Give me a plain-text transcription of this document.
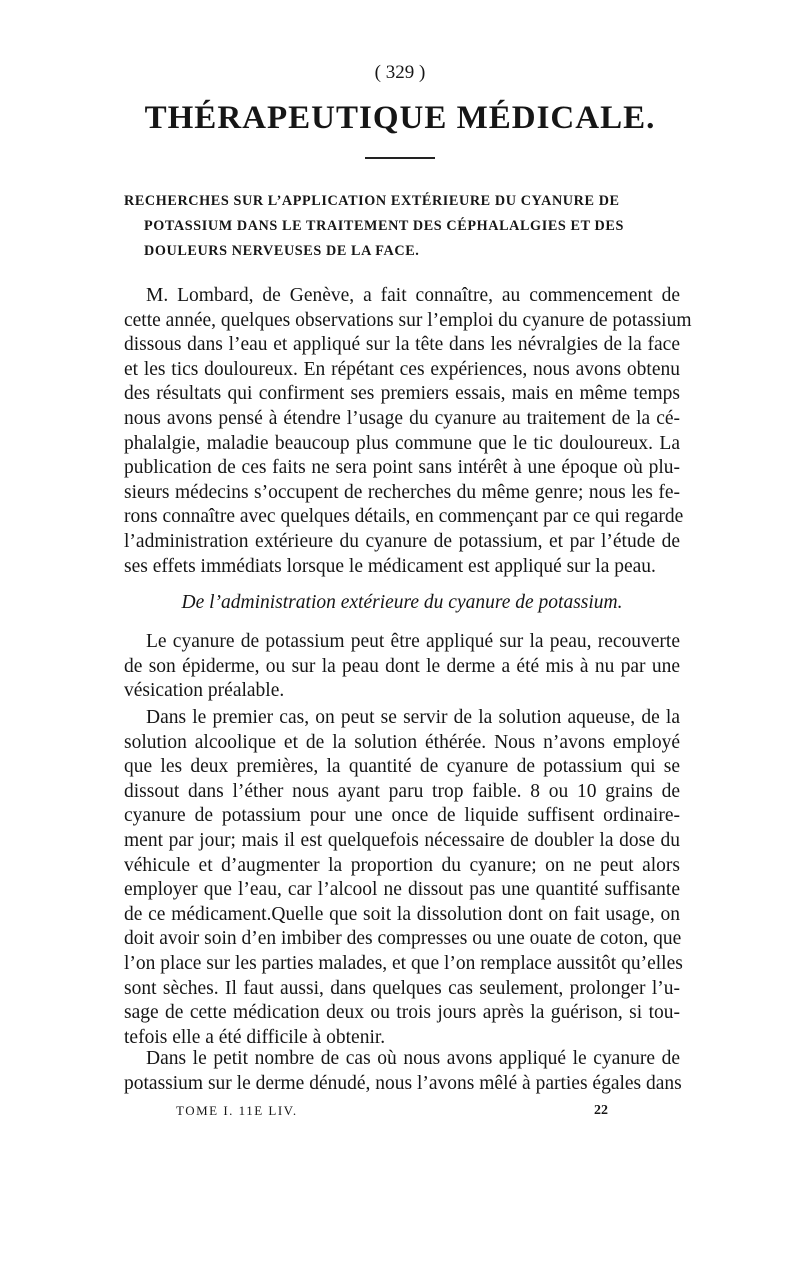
( 329 )
THÉRAPEUTIQUE MÉDICALE.
RECHERCHES SUR L’APPLICATION EXTÉRIEURE DU CYANURE DE
POTASSIUM DANS LE TRAITEMENT DES CÉPHALALGIES ET DES
DOULEURS NERVEUSES DE LA FACE.
M. Lombard, de Genève, a fait connaître, au commencement de
cette année, quelques observations sur l’emploi du cyanure de potassium
dissous dans l’eau et appliqué sur la tête dans les névralgies de la face
et les tics douloureux. En répétant ces expériences, nous avons obtenu
des résultats qui confirment ses premiers essais, mais en même temps
nous avons pensé à étendre l’usage du cyanure au traitement de la cé-
phalalgie, maladie beaucoup plus commune que le tic douloureux. La
publication de ces faits ne sera point sans intérêt à une époque où plu-
sieurs médecins s’occupent de recherches du même genre; nous les fe-
rons connaître avec quelques détails, en commençant par ce qui regarde
l’administration extérieure du cyanure de potassium, et par l’étude de
ses effets immédiats lorsque le médicament est appliqué sur la peau.
De l’administration extérieure du cyanure de potassium.
Le cyanure de potassium peut être appliqué sur la peau, recouverte
de son épiderme, ou sur la peau dont le derme a été mis à nu par une
vésication préalable.
Dans le premier cas, on peut se servir de la solution aqueuse, de la
solution alcoolique et de la solution éthérée. Nous n’avons employé
que les deux premières, la quantité de cyanure de potassium qui se
dissout dans l’éther nous ayant paru trop faible. 8 ou 10 grains de
cyanure de potassium pour une once de liquide suffisent ordinaire-
ment par jour; mais il est quelquefois nécessaire de doubler la dose du
véhicule et d’augmenter la proportion du cyanure; on ne peut alors
employer que l’eau, car l’alcool ne dissout pas une quantité suffisante
de ce médicament.Quelle que soit la dissolution dont on fait usage, on
doit avoir soin d’en imbiber des compresses ou une ouate de coton, que
l’on place sur les parties malades, et que l’on remplace aussitôt qu’elles
sont sèches. Il faut aussi, dans quelques cas seulement, prolonger l’u-
sage de cette médication deux ou trois jours après la guérison, si tou-
tefois elle a été difficile à obtenir.
Dans le petit nombre de cas où nous avons appliqué le cyanure de
potassium sur le derme dénudé, nous l’avons mêlé à parties égales dans
TOME I. 11E LIV.	22
